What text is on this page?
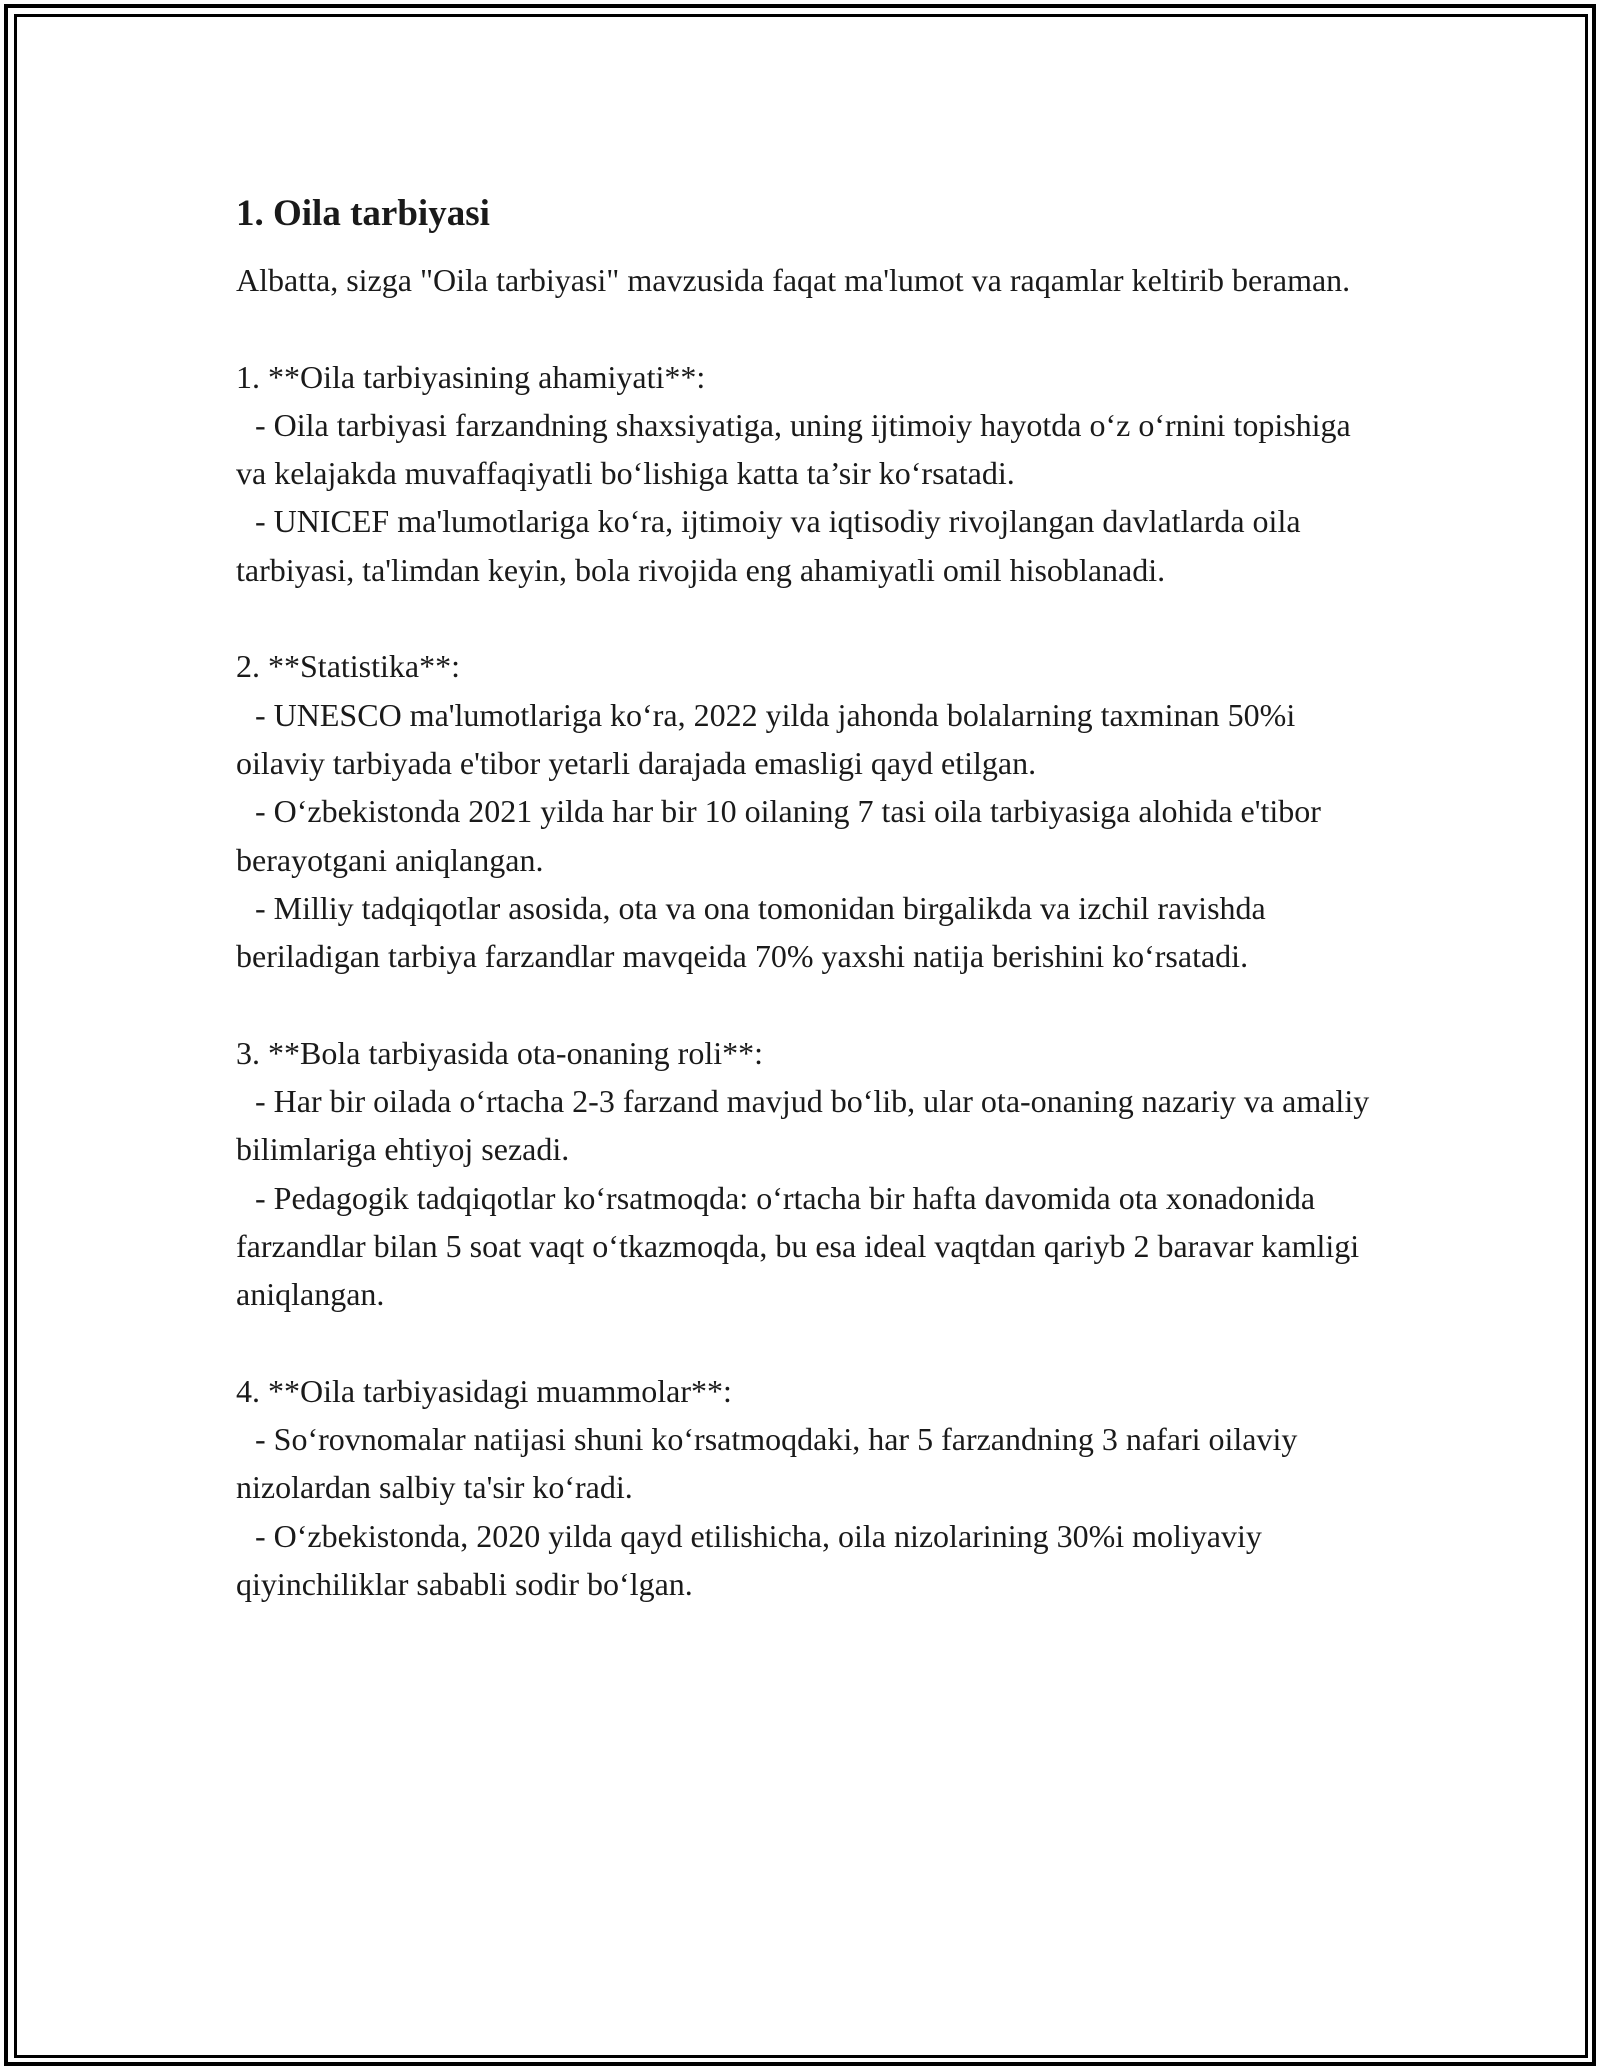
1. Oila tarbiyasi

Albatta, sizga "Oila tarbiyasi" mavzusida faqat ma'lumot va raqamlar keltirib beraman.

1. **Oila tarbiyasining ahamiyati**:

- Oila tarbiyasi farzandning shaxsiyatiga, uning ijtimoiy hayotda o‘z o‘rnini topishiga va kelajakda muvaffaqiyatli bo‘lishiga katta ta’sir ko‘rsatadi.

- UNICEF ma'lumotlariga ko‘ra, ijtimoiy va iqtisodiy rivojlangan davlatlarda oila tarbiyasi, ta'limdan keyin, bola rivojida eng ahamiyatli omil hisoblanadi.

2. **Statistika**:

- UNESCO ma'lumotlariga ko‘ra, 2022 yilda jahonda bolalarning taxminan 50%i oilaviy tarbiyada e'tibor yetarli darajada emasligi qayd etilgan.

- O‘zbekistonda 2021 yilda har bir 10 oilaning 7 tasi oila tarbiyasiga alohida e'tibor berayotgani aniqlangan.

- Milliy tadqiqotlar asosida, ota va ona tomonidan birgalikda va izchil ravishda beriladigan tarbiya farzandlar mavqeida 70% yaxshi natija berishini ko‘rsatadi.

3. **Bola tarbiyasida ota-onaning roli**:

- Har bir oilada o‘rtacha 2-3 farzand mavjud bo‘lib, ular ota-onaning nazariy va amaliy bilimlariga ehtiyoj sezadi.

- Pedagogik tadqiqotlar ko‘rsatmoqda: o‘rtacha bir hafta davomida ota xonadonida farzandlar bilan 5 soat vaqt o‘tkazmoqda, bu esa ideal vaqtdan qariyb 2 baravar kamligi aniqlangan.

4. **Oila tarbiyasidagi muammolar**:

- So‘rovnomalar natijasi shuni ko‘rsatmoqdaki, har 5 farzandning 3 nafari oilaviy nizolardan salbiy ta'sir ko‘radi.

- O‘zbekistonda, 2020 yilda qayd etilishicha, oila nizolarining 30%i moliyaviy qiyinchiliklar sababli sodir bo‘lgan.
